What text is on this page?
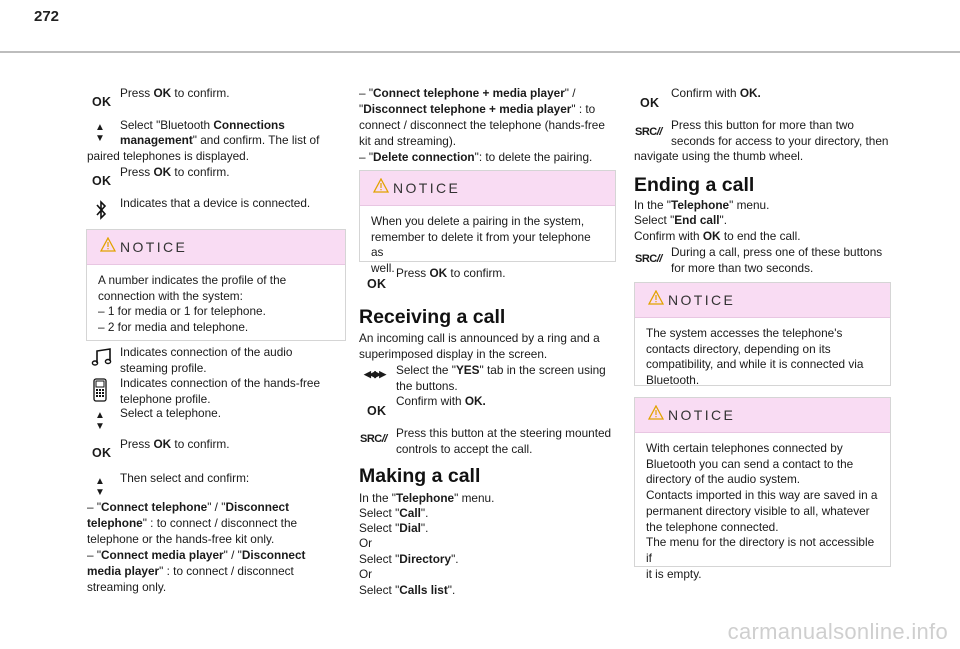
272
OK

Press OK to confirm.

▲
▼

Select "Bluetooth Connections

management" and confirm. The list of

paired telephones is displayed.

OK

Press OK to confirm.

Indicates that a device is connected.

NOTICE

A number indicates the profile of the

connection with the system:

– 1 for media or 1 for telephone.

– 2 for media and telephone.

Indicates connection of the audio

steaming profile.

Indicates connection of the hands-free

telephone profile.

▲
▼

Select a telephone.

OK

Press OK to confirm.

▲
▼

Then select and confirm:

– "Connect telephone" / "Disconnect

telephone" : to connect / disconnect the

telephone or the hands-free kit only.

– "Connect media player" / "Disconnect

media player" : to connect / disconnect

streaming only.

– "Connect telephone + media player" /

"Disconnect telephone + media player" : to

connect / disconnect the telephone (hands-free

kit and streaming).

– "Delete connection": to delete the pairing.

NOTICE

When you delete a pairing in the system,

remember to delete it from your telephone as

well.

OK

Press OK to confirm.

Receiving a call

An incoming call is announced by a ring and a

superimposed display in the screen.

◀◀ ▶▶ Select the "YES" tab in the screen using

the buttons.

OK

Confirm with OK.

SRC// Press this button at the steering mounted

controls to accept the call.

Making a call

In the "Telephone" menu.

Select "Call".

Select "Dial".

Or

Select "Directory".

Or

Select "Calls list".

OK

Confirm with OK.

SRC// Press this button for more than two

seconds for access to your directory, then

navigate using the thumb wheel.

Ending a call

In the "Telephone" menu.

Select "End call".

Confirm with OK to end the call.

SRC// During a call, press one of these buttons

for more than two seconds.

NOTICE

The system accesses the telephone's

contacts directory, depending on its

compatibility, and while it is connected via

Bluetooth.

NOTICE

With certain telephones connected by

Bluetooth you can send a contact to the

directory of the audio system.

Contacts imported in this way are saved in a

permanent directory visible to all, whatever

the telephone connected.

The menu for the directory is not accessible if

it is empty.

carmanualsonline.info
